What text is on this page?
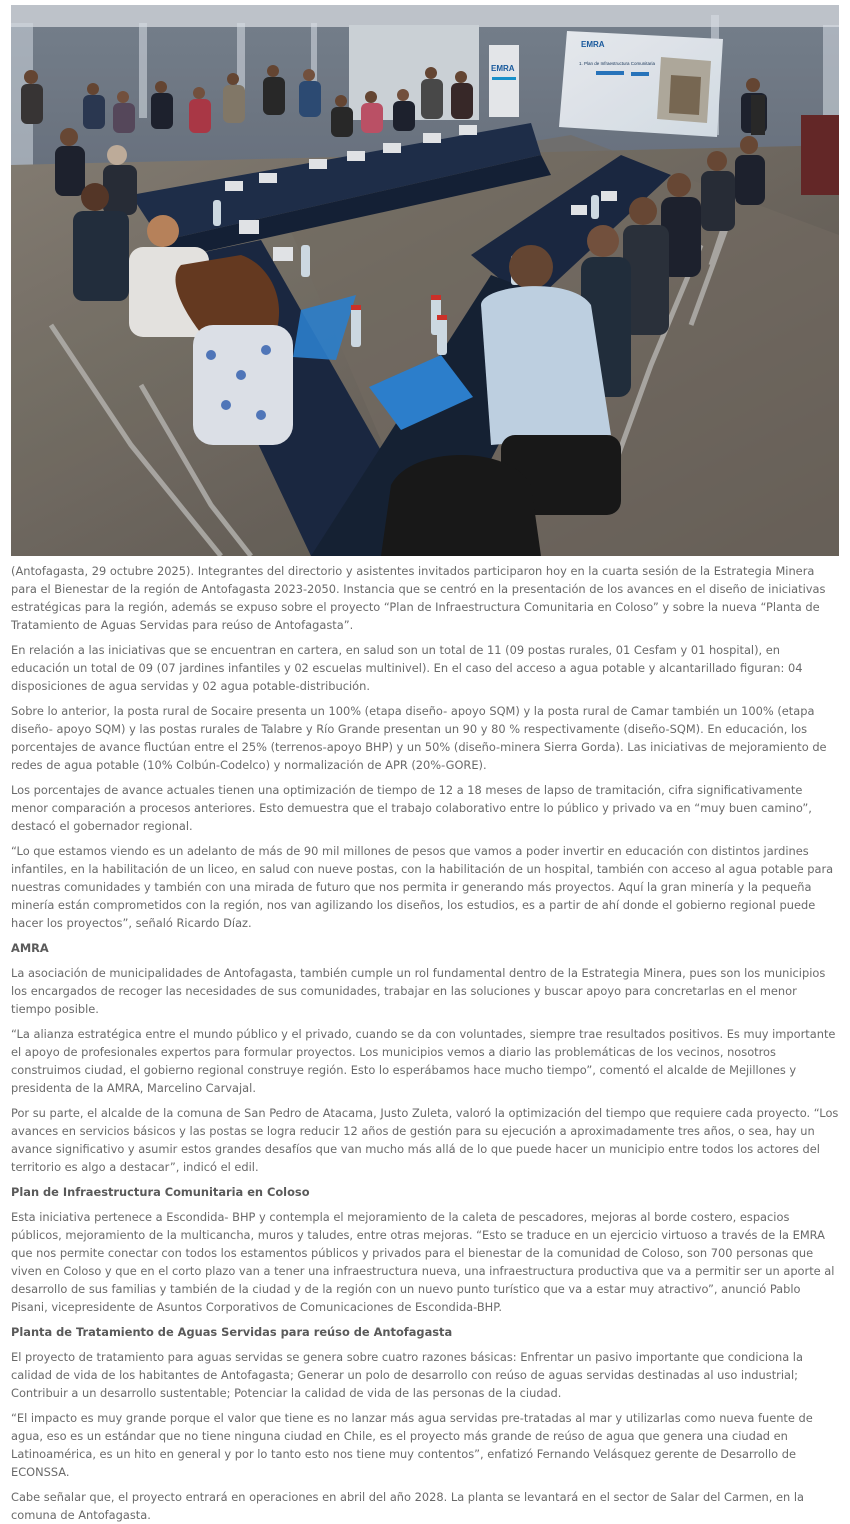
EMRA
1. Plan de Infraestructura Comunitaria
EMRA

(Antofagasta, 29 octubre 2025). Integrantes del directorio y asistentes invitados participaron hoy en la cuarta sesión de la Estrategia Minera para el Bienestar de la región de Antofagasta 2023-2050. Instancia que se centró en la presentación de los avances en el diseño de iniciativas estratégicas para la región, además se expuso sobre el proyecto “Plan de Infraestructura Comunitaria en Coloso” y sobre la nueva “Planta de Tratamiento de Aguas Servidas para reúso de Antofagasta”.

En relación a las iniciativas que se encuentran en cartera, en salud son un total de 11 (09 postas rurales, 01 Cesfam y 01 hospital), en educación un total de 09 (07 jardines infantiles y 02 escuelas multinivel). En el caso del acceso a agua potable y alcantarillado figuran: 04 disposiciones de agua servidas y 02 agua potable-distribución.

Sobre lo anterior, la posta rural de Socaire presenta un 100% (etapa diseño- apoyo SQM) y la posta rural de Camar también un 100% (etapa diseño- apoyo SQM) y las postas rurales de Talabre y Río Grande presentan un 90 y 80 % respectivamente (diseño-SQM). En educación, los porcentajes de avance fluctúan entre el 25% (terrenos-apoyo BHP) y un 50% (diseño-minera Sierra Gorda). Las iniciativas de mejoramiento de redes de agua potable (10% Colbún-Codelco) y normalización de APR (20%-GORE).

Los porcentajes de avance actuales tienen una optimización de tiempo de 12 a 18 meses de lapso de tramitación, cifra significativamente menor comparación a procesos anteriores. Esto demuestra que el trabajo colaborativo entre lo público y privado va en “muy buen camino”, destacó el gobernador regional.

“Lo que estamos viendo es un adelanto de más de 90 mil millones de pesos que vamos a poder invertir en educación con distintos jardines infantiles, en la habilitación de un liceo, en salud con nueve postas, con la habilitación de un hospital, también con acceso al agua potable para nuestras comunidades y también con una mirada de futuro que nos permita ir generando más proyectos. Aquí la gran minería y la pequeña minería están comprometidos con la región, nos van agilizando los diseños, los estudios, es a partir de ahí donde el gobierno regional puede hacer los proyectos”, señaló Ricardo Díaz.

AMRA

La asociación de municipalidades de Antofagasta, también cumple un rol fundamental dentro de la Estrategia Minera, pues son los municipios los encargados de recoger las necesidades de sus comunidades, trabajar en las soluciones y buscar apoyo para concretarlas en el menor tiempo posible.

“La alianza estratégica entre el mundo público y el privado, cuando se da con voluntades, siempre trae resultados positivos. Es muy importante el apoyo de profesionales expertos para formular proyectos. Los municipios vemos a diario las problemáticas de los vecinos, nosotros construimos ciudad, el gobierno regional construye región. Esto lo esperábamos hace mucho tiempo”, comentó el alcalde de Mejillones y presidenta de la AMRA, Marcelino Carvajal.

Por su parte, el alcalde de la comuna de San Pedro de Atacama, Justo Zuleta, valoró la optimización del tiempo que requiere cada proyecto. “Los avances en servicios básicos y las postas se logra reducir 12 años de gestión para su ejecución a aproximadamente tres años, o sea, hay un avance significativo y asumir estos grandes desafíos que van mucho más allá de lo que puede hacer un municipio entre todos los actores del territorio es algo a destacar”, indicó el edil.

Plan de Infraestructura Comunitaria en Coloso

Esta iniciativa pertenece a Escondida- BHP y contempla el mejoramiento de la caleta de pescadores, mejoras al borde costero, espacios públicos, mejoramiento de la multicancha, muros y taludes, entre otras mejoras. “Esto se traduce en un ejercicio virtuoso a través de la EMRA que nos permite conectar con todos los estamentos públicos y privados para el bienestar de la comunidad de Coloso, son 700 personas que viven en Coloso y que en el corto plazo van a tener una infraestructura nueva, una infraestructura productiva que va a permitir ser un aporte al desarrollo de sus familias y también de la ciudad y de la región con un nuevo punto turístico que va a estar muy atractivo”, anunció Pablo Pisani, vicepresidente de Asuntos Corporativos de Comunicaciones de Escondida-BHP.

Planta de Tratamiento de Aguas Servidas para reúso de Antofagasta

El proyecto de tratamiento para aguas servidas se genera sobre cuatro razones básicas: Enfrentar un pasivo importante que condiciona la calidad de vida de los habitantes de Antofagasta; Generar un polo de desarrollo con reúso de aguas servidas destinadas al uso industrial; Contribuir a un desarrollo sustentable; Potenciar la calidad de vida de las personas de la ciudad.

“El impacto es muy grande porque el valor que tiene es no lanzar más agua servidas pre-tratadas al mar y utilizarlas como nueva fuente de agua, eso es un estándar que no tiene ninguna ciudad en Chile, es el proyecto más grande de reúso de agua que genera una ciudad en Latinoamérica, es un hito en general y por lo tanto esto nos tiene muy contentos”, enfatizó Fernando Velásquez gerente de Desarrollo de ECONSSA.

Cabe señalar que, el proyecto entrará en operaciones en abril del año 2028. La planta se levantará en el sector de Salar del Carmen, en la comuna de Antofagasta.
